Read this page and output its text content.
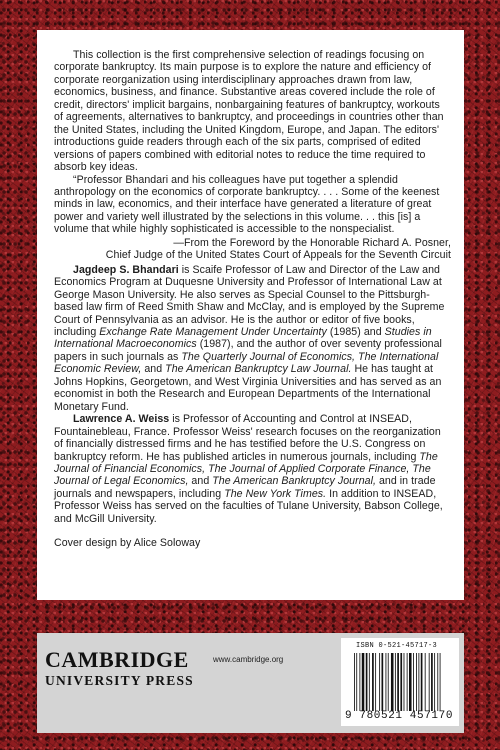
This collection is the first comprehensive selection of readings focusing on corporate bankruptcy. Its main purpose is to explore the nature and efficiency of corporate reorganization using interdisciplinary approaches drawn from law, economics, business, and finance. Substantive areas covered include the role of credit, directors' implicit bargains, nonbargaining features of bankruptcy, workouts of agreements, alternatives to bankruptcy, and proceedings in countries other than the United States, including the United Kingdom, Europe, and Japan. The editors' introductions guide readers through each of the six parts, comprised of edited versions of papers combined with editorial notes to reduce the time required to absorb key ideas.

“Professor Bhandari and his colleagues have put together a splendid anthropology on the economics of corporate bankruptcy. . . . Some of the keenest minds in law, economics, and their interface have generated a literature of great power and variety well illustrated by the selections in this volume. . . this [is] a volume that while highly sophisticated is accessible to the nonspecialist.

—From the Foreword by the Honorable Richard A. Posner,

Chief Judge of the United States Court of Appeals for the Seventh Circuit

Jagdeep S. Bhandari is Scaife Professor of Law and Director of the Law and Economics Program at Duquesne University and Professor of International Law at George Mason University. He also serves as Special Counsel to the Pittsburgh-based law firm of Reed Smith Shaw and McClay, and is employed by the Supreme Court of Pennsylvania as an advisor. He is the author or editor of five books, including Exchange Rate Management Under Uncertainty (1985) and Studies in International Macroeconomics (1987), and the author of over seventy professional papers in such journals as The Quarterly Journal of Economics, The International Economic Review, and The American Bankruptcy Law Journal. He has taught at Johns Hopkins, Georgetown, and West Virginia Universities and has served as an economist in both the Research and European Departments of the International Monetary Fund.

Lawrence A. Weiss is Professor of Accounting and Control at INSEAD, Fountainebleau, France. Professor Weiss' research focuses on the reorganization of financially distressed firms and he has testified before the U.S. Congress on bankruptcy reform. He has published articles in numerous journals, including The Journal of Financial Economics, The Journal of Applied Corporate Finance, The Journal of Legal Economics, and The American Bankruptcy Journal, and in trade journals and newspapers, including The New York Times. In addition to INSEAD, Professor Weiss has served on the faculties of Tulane University, Babson College, and McGill University.

Cover design by Alice Soloway

CAMBRIDGE
UNIVERSITY PRESS
www.cambridge.org
ISBN 0-521-45717-3
9 780521 457170
